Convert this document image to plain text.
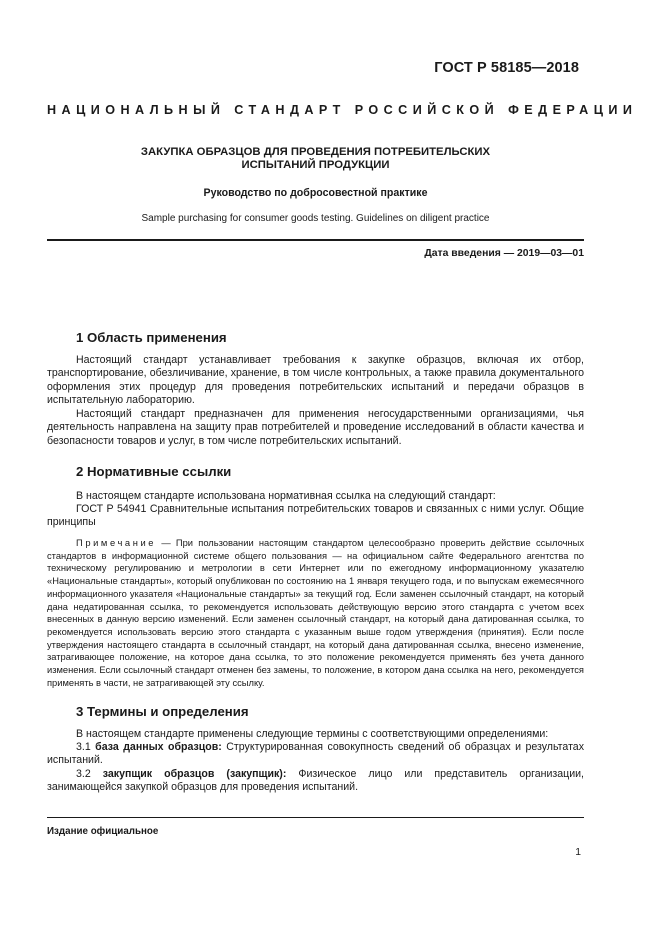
ГОСТ Р 58185—2018
НАЦИОНАЛЬНЫЙ СТАНДАРТ РОССИЙСКОЙ ФЕДЕРАЦИИ
ЗАКУПКА ОБРАЗЦОВ ДЛЯ ПРОВЕДЕНИЯ ПОТРЕБИТЕЛЬСКИХ
ИСПЫТАНИЙ ПРОДУКЦИИ
Руководство по добросовестной практике
Sample purchasing for consumer goods testing. Guidelines on diligent practice
Дата введения — 2019—03—01
1 Область применения
Настоящий стандарт устанавливает требования к закупке образцов, включая их отбор, транспортирование, обезличивание, хранение, в том числе контрольных, а также правила документального оформления этих процедур для проведения потребительских испытаний и передачи образцов в испытательную лабораторию.
Настоящий стандарт предназначен для применения негосударственными организациями, чья деятельность направлена на защиту прав потребителей и проведение исследований в области качества и безопасности товаров и услуг, в том числе потребительских испытаний.
2 Нормативные ссылки
В настоящем стандарте использована нормативная ссылка на следующий стандарт:
ГОСТ Р 54941 Сравнительные испытания потребительских товаров и связанных с ними услуг. Общие принципы
Примечание — При пользовании настоящим стандартом целесообразно проверить действие ссылочных стандартов в информационной системе общего пользования — на официальном сайте Федерального агентства по техническому регулированию и метрологии в сети Интернет или по ежегодному информационному указателю «Национальные стандарты», который опубликован по состоянию на 1 января текущего года, и по выпускам ежемесячного информационного указателя «Национальные стандарты» за текущий год. Если заменен ссылочный стандарт, на который дана недатированная ссылка, то рекомендуется использовать действующую версию этого стандарта с учетом всех внесенных в данную версию изменений. Если заменен ссылочный стандарт, на который дана датированная ссылка, то рекомендуется использовать версию этого стандарта с указанным выше годом утверждения (принятия). Если после утверждения настоящего стандарта в ссылочный стандарт, на который дана датированная ссылка, внесено изменение, затрагивающее положение, на которое дана ссылка, то это положение рекомендуется применять без учета данного изменения. Если ссылочный стандарт отменен без замены, то положение, в котором дана ссылка на него, рекомендуется применять в части, не затрагивающей эту ссылку.
3 Термины и определения
В настоящем стандарте применены следующие термины с соответствующими определениями:
3.1 база данных образцов: Структурированная совокупность сведений об образцах и результатах испытаний.
3.2 закупщик образцов (закупщик): Физическое лицо или представитель организации, занимающейся закупкой образцов для проведения испытаний.
Издание официальное
1
